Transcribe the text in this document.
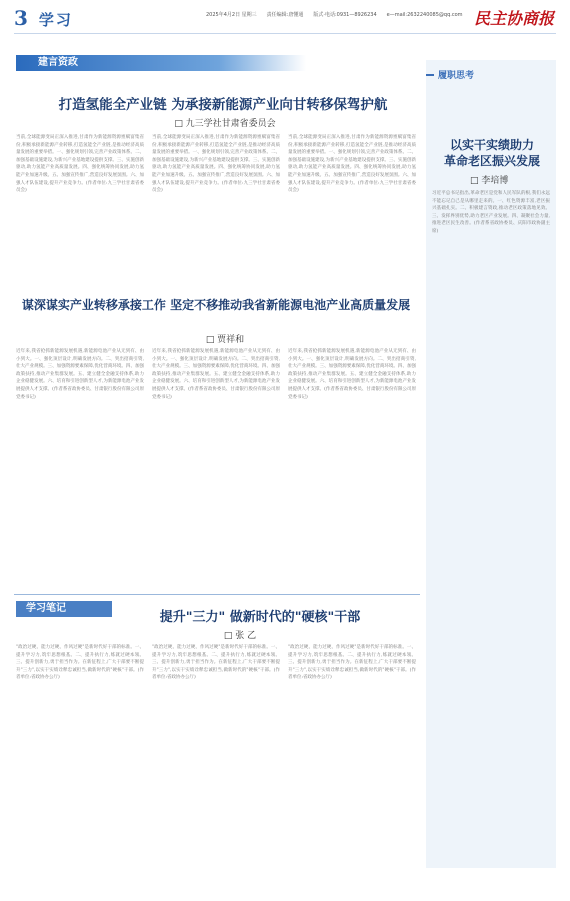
3 学习	2025年4月2日 星期三　　责任编辑:唐懂通　　版式·电话:0931—8926234　　e—mail:2632240085@qq.com 民主协商报
建言资政
打造氢能全产业链 为承接新能源产业向甘转移保驾护航
□ 九三学社甘肃省委员会
当前,全球能源变局正深入推进,甘肃作为新能源资源禀赋富集省份,积极承接新能源产业转移,打造氢能全产业链,是推动经济高质量发展的重要举措。一、强化规划引领,完善产业政策体系。二、加强基础设施建设,为新兴产业基地建设提供支撑。三、实施创新驱动,助力氢能产业高质量发展。四、强化统筹协同发展,助力氢能产业加速升级。五、加强宣传推广,营造良好发展氛围。六、加强人才队伍建设,提升产业竞争力。(作者单位:九三学社甘肃省委员会)
当前,全球能源变局正深入推进,甘肃作为新能源资源禀赋富集省份,积极承接新能源产业转移,打造氢能全产业链,是推动经济高质量发展的重要举措。一、强化规划引领,完善产业政策体系。二、加强基础设施建设,为新兴产业基地建设提供支撑。三、实施创新驱动,助力氢能产业高质量发展。四、强化统筹协同发展,助力氢能产业加速升级。五、加强宣传推广,营造良好发展氛围。六、加强人才队伍建设,提升产业竞争力。(作者单位:九三学社甘肃省委员会)
当前,全球能源变局正深入推进,甘肃作为新能源资源禀赋富集省份,积极承接新能源产业转移,打造氢能全产业链,是推动经济高质量发展的重要举措。一、强化规划引领,完善产业政策体系。二、加强基础设施建设,为新兴产业基地建设提供支撑。三、实施创新驱动,助力氢能产业高质量发展。四、强化统筹协同发展,助力氢能产业加速升级。五、加强宣传推广,营造良好发展氛围。六、加强人才队伍建设,提升产业竞争力。(作者单位:九三学社甘肃省委员会)
谋深谋实产业转移承接工作 坚定不移推动我省新能源电池产业高质量发展
□ 贾祥和
近年来,我省抢抓新能源发展机遇,新能源电池产业从无到有、由小到大。一、强化顶层设计,明确发展方向。二、突出招商引资,壮大产业规模。三、加强资源要素保障,优化营商环境。四、加强政策扶持,推动产业集群发展。五、建立健全金融支持体系,助力企业稳健发展。六、培育和引进创新型人才,为新能源电池产业发展提供人才支撑。(作者系省政协委员、甘肃银行股份有限公司原党委书记)
近年来,我省抢抓新能源发展机遇,新能源电池产业从无到有、由小到大。一、强化顶层设计,明确发展方向。二、突出招商引资,壮大产业规模。三、加强资源要素保障,优化营商环境。四、加强政策扶持,推动产业集群发展。五、建立健全金融支持体系,助力企业稳健发展。六、培育和引进创新型人才,为新能源电池产业发展提供人才支撑。(作者系省政协委员、甘肃银行股份有限公司原党委书记)
近年来,我省抢抓新能源发展机遇,新能源电池产业从无到有、由小到大。一、强化顶层设计,明确发展方向。二、突出招商引资,壮大产业规模。三、加强资源要素保障,优化营商环境。四、加强政策扶持,推动产业集群发展。五、建立健全金融支持体系,助力企业稳健发展。六、培育和引进创新型人才,为新能源电池产业发展提供人才支撑。(作者系省政协委员、甘肃银行股份有限公司原党委书记)
履职思考
以实干实绩助力
革命老区振兴发展
□ 李培博
习近平总书记指出,革命老区是党和人民军队的根,我们永远不能忘记自己是从哪里走来的。一、红色资源丰富,老区振兴基础扎实。二、积极建言资政,推动老区政策落地见效。三、发挥界别优势,助力老区产业发展。四、凝聚社会力量,推进老区民生改善。(作者系省政协委员、庆阳市政协副主席)
学习笔记
提升"三力" 做新时代的"硬核"干部
□ 张 乙
"政治过硬、能力过硬、作风过硬"是新时代好干部的标准。一、提升学习力,筑牢思想根基。二、提升执行力,练就过硬本领。三、提升创新力,勇于担当作为。在新征程上,广大干部要不断提升"三力",以实干实绩诠释忠诚担当,做新时代的"硬核"干部。(作者单位:省政协办公厅)
"政治过硬、能力过硬、作风过硬"是新时代好干部的标准。一、提升学习力,筑牢思想根基。二、提升执行力,练就过硬本领。三、提升创新力,勇于担当作为。在新征程上,广大干部要不断提升"三力",以实干实绩诠释忠诚担当,做新时代的"硬核"干部。(作者单位:省政协办公厅)
"政治过硬、能力过硬、作风过硬"是新时代好干部的标准。一、提升学习力,筑牢思想根基。二、提升执行力,练就过硬本领。三、提升创新力,勇于担当作为。在新征程上,广大干部要不断提升"三力",以实干实绩诠释忠诚担当,做新时代的"硬核"干部。(作者单位:省政协办公厅)
